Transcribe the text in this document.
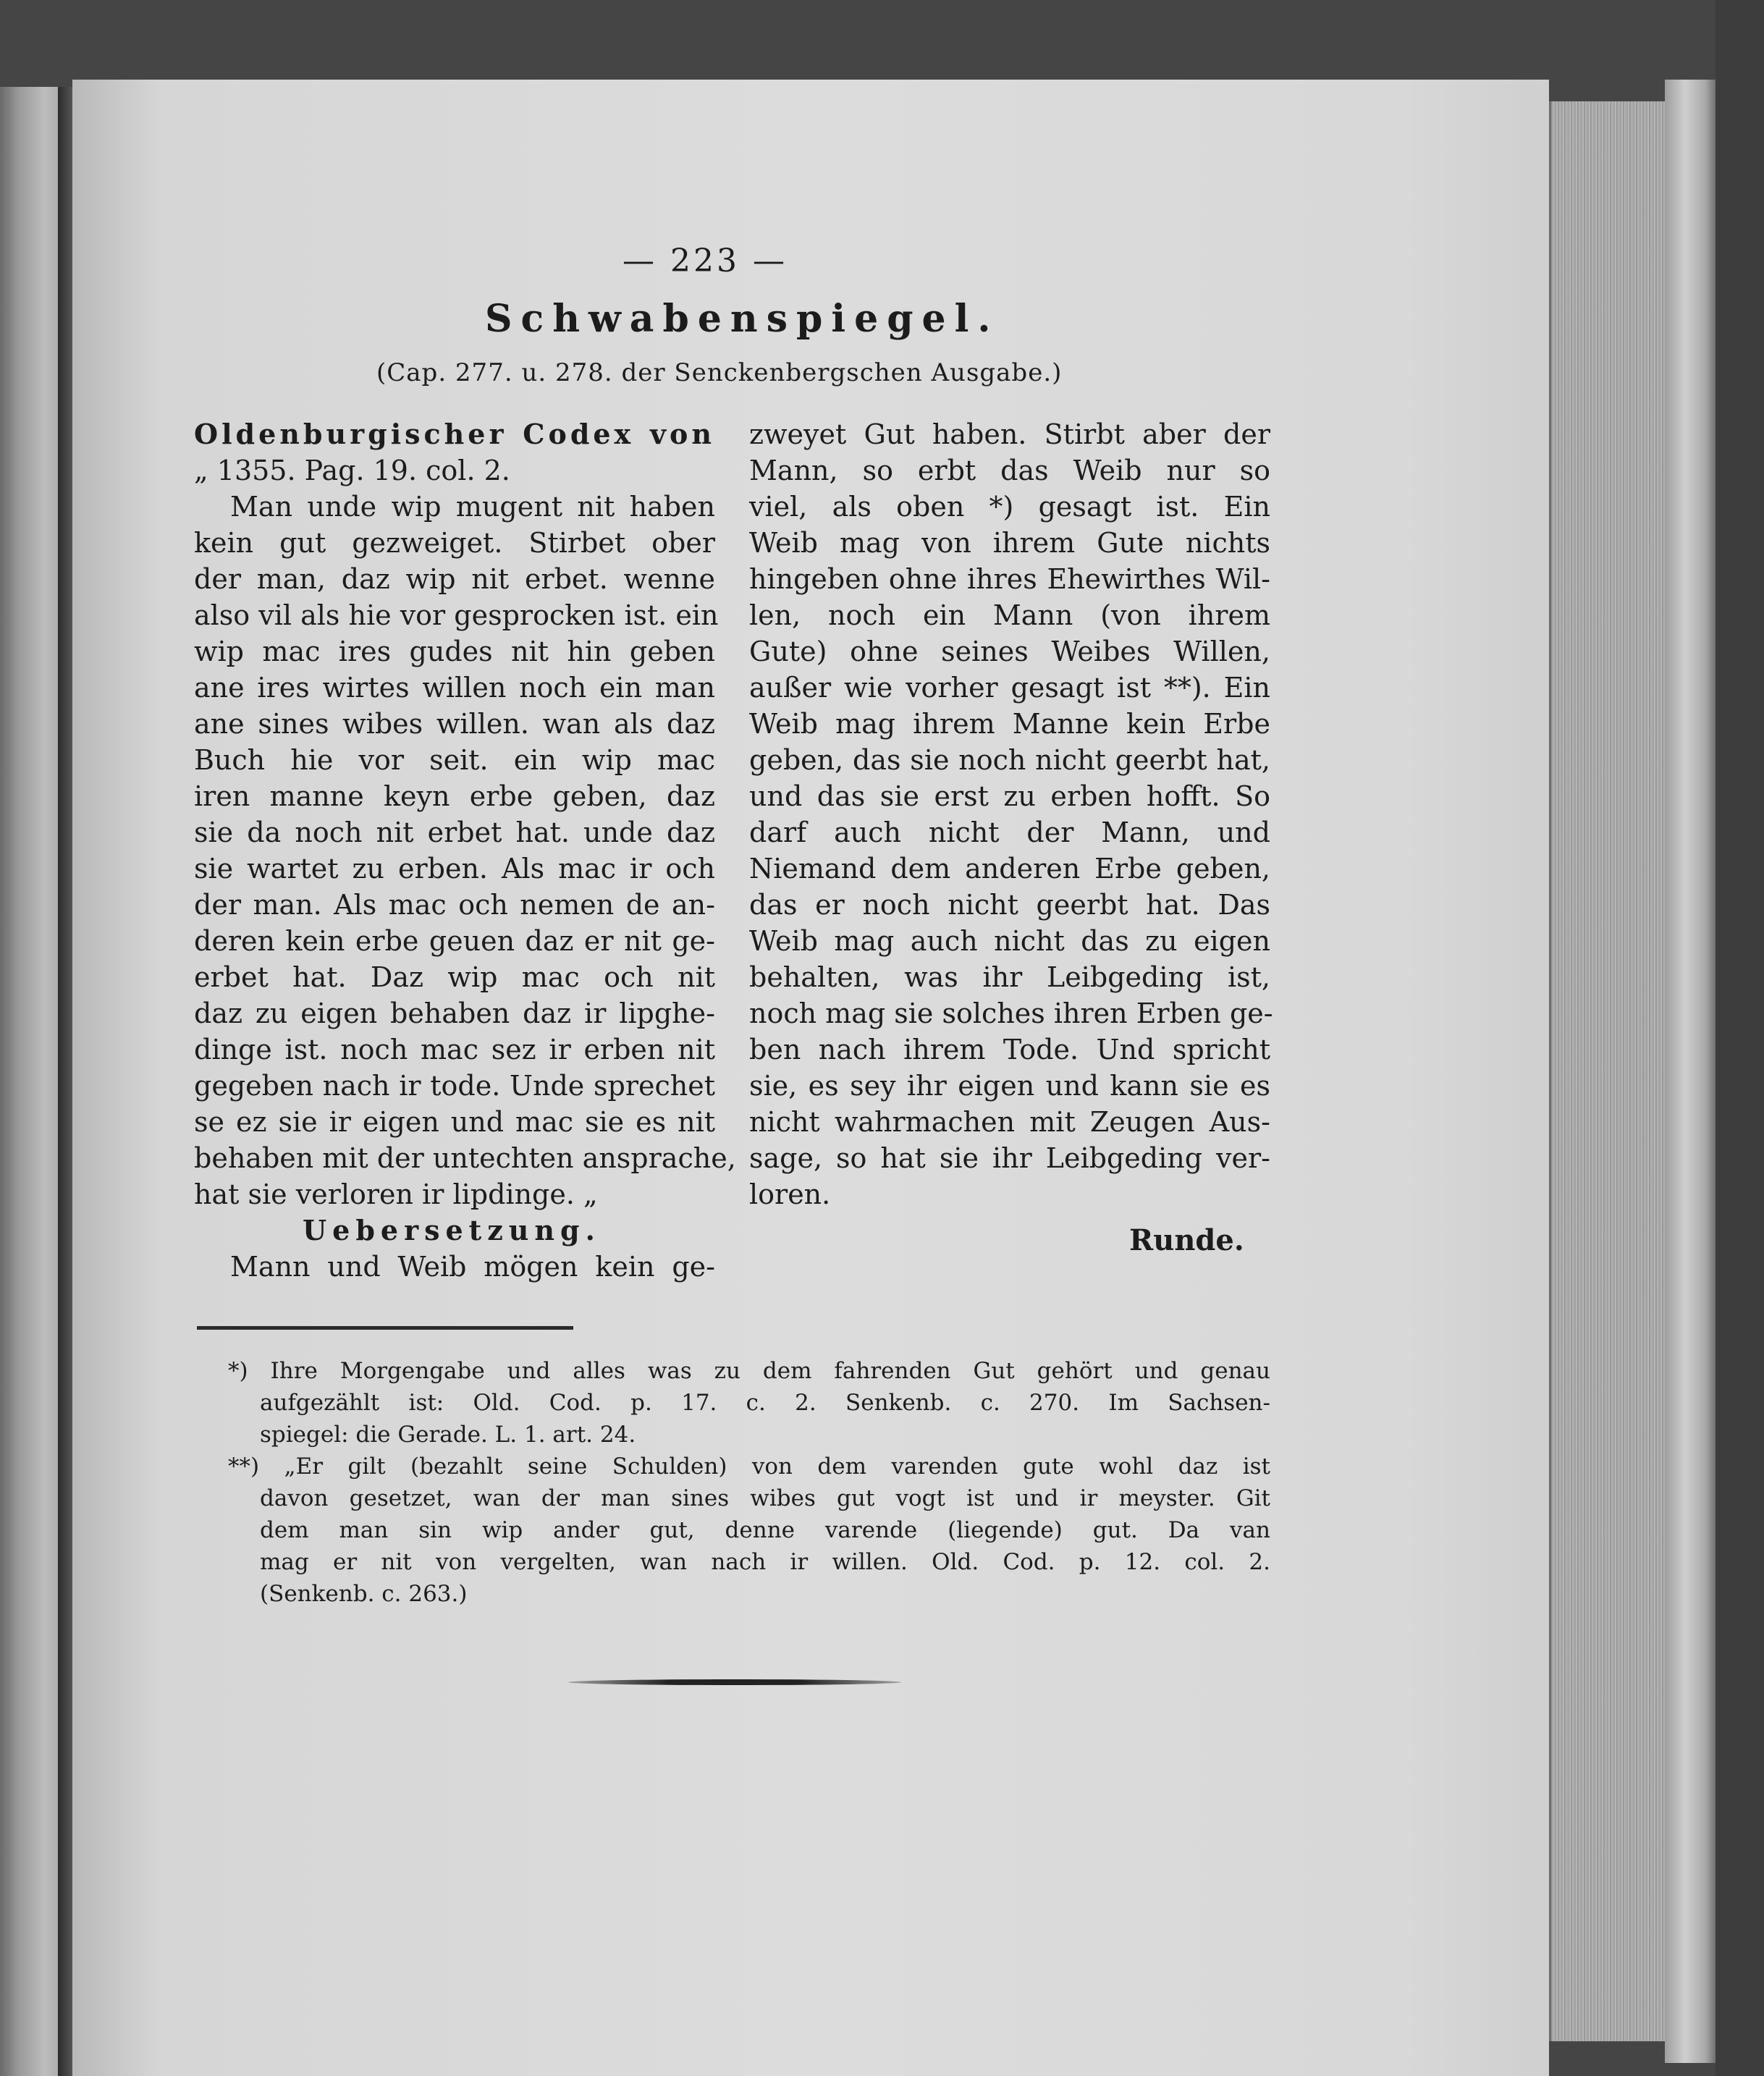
— 223 —

Schwabenspiegel.

(Cap. 277. u. 278. der Senckenbergschen Ausgabe.)

Oldenburgischer Codex von
„ 1355. Pag. 19. col. 2.
Man unde wip mugent nit haben
kein gut gezweiget. Stirbet ober
der man, daz wip nit erbet. wenne
also vil als hie vor gesprocken ist. ein
wip mac ires gudes nit hin geben
ane ires wirtes willen noch ein man
ane sines wibes willen. wan als daz
Buch hie vor seit. ein wip mac
iren manne keyn erbe geben, daz
sie da noch nit erbet hat. unde daz
sie wartet zu erben. Als mac ir och
der man. Als mac och nemen de an-
deren kein erbe geuen daz er nit ge-
erbet hat. Daz wip mac och nit
daz zu eigen behaben daz ir lipghe-
dinge ist. noch mac sez ir erben nit
gegeben nach ir tode. Unde sprechet
se ez sie ir eigen und mac sie es nit
behaben mit der untechten ansprache,
hat sie verloren ir lipdinge. „
Uebersetzung.
Mann und Weib mögen kein ge-
zweyet Gut haben. Stirbt aber der
Mann, so erbt das Weib nur so
viel, als oben *) gesagt ist. Ein
Weib mag von ihrem Gute nichts
hingeben ohne ihres Ehewirthes Wil-
len, noch ein Mann (von ihrem
Gute) ohne seines Weibes Willen,
außer wie vorher gesagt ist **). Ein
Weib mag ihrem Manne kein Erbe
geben, das sie noch nicht geerbt hat,
und das sie erst zu erben hofft. So
darf auch nicht der Mann, und
Niemand dem anderen Erbe geben,
das er noch nicht geerbt hat. Das
Weib mag auch nicht das zu eigen
behalten, was ihr Leibgeding ist,
noch mag sie solches ihren Erben ge-
ben nach ihrem Tode. Und spricht
sie, es sey ihr eigen und kann sie es
nicht wahrmachen mit Zeugen Aus-
sage, so hat sie ihr Leibgeding ver-
loren.

Runde.

*) Ihre Morgengabe und alles was zu dem fahrenden Gut gehört und genau
aufgezählt ist: Old. Cod. p. 17. c. 2. Senkenb. c. 270. Im Sachsen-
spiegel: die Gerade. L. 1. art. 24.
**) „Er gilt (bezahlt seine Schulden) von dem varenden gute wohl daz ist
davon gesetzet, wan der man sines wibes gut vogt ist und ir meyster. Git
dem man sin wip ander gut, denne varende (liegende) gut. Da van
mag er nit von vergelten, wan nach ir willen. Old. Cod. p. 12. col. 2.
(Senkenb. c. 263.)
